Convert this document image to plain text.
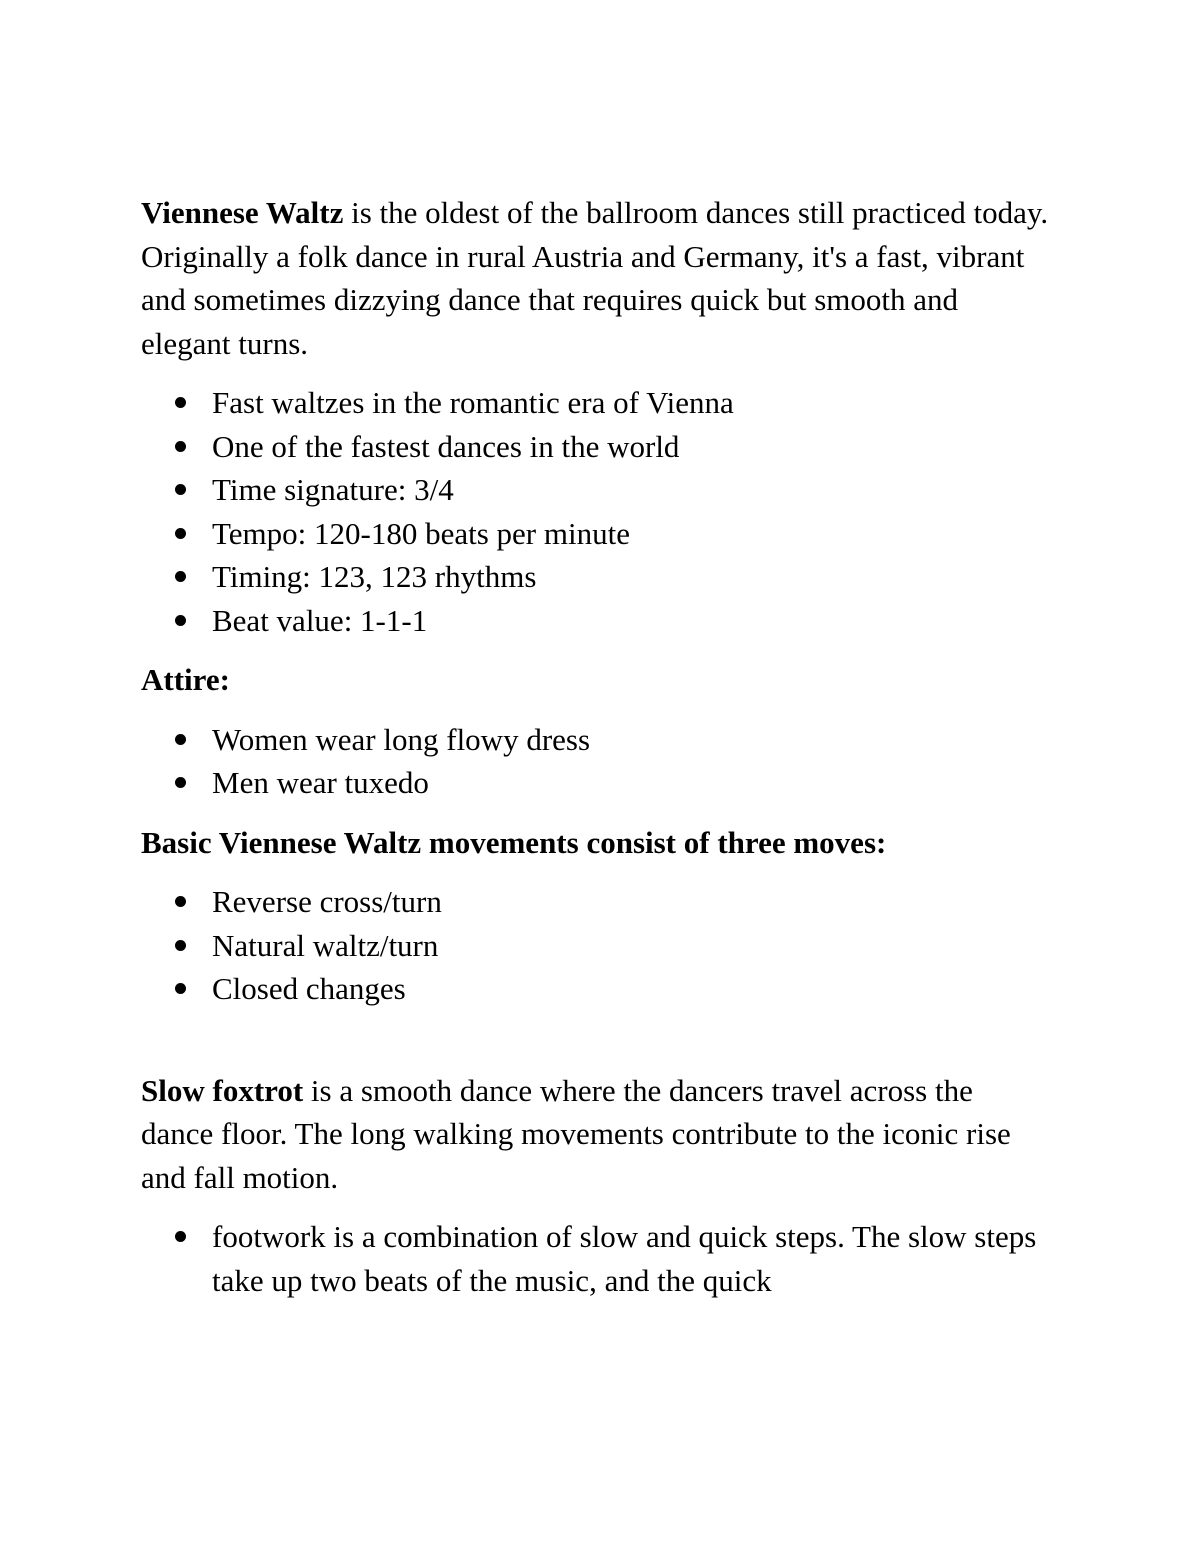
Viennese Waltz is the oldest of the ballroom dances still practiced today. Originally a folk dance in rural Austria and Germany, it's a fast, vibrant and sometimes dizzying dance that requires quick but smooth and elegant turns.

Fast waltzes in the romantic era of Vienna
One of the fastest dances in the world
Time signature: 3/4
Tempo: 120-180 beats per minute
Timing: 123, 123 rhythms
Beat value: 1-1-1

Attire:

Women wear long flowy dress
Men wear tuxedo

Basic Viennese Waltz movements consist of three moves:

Reverse cross/turn
Natural waltz/turn
Closed changes

Slow foxtrot is a smooth dance where the dancers travel across the dance floor. The long walking movements contribute to the iconic rise and fall motion.

footwork is a combination of slow and quick steps. The slow steps take up two beats of the music, and the quick
